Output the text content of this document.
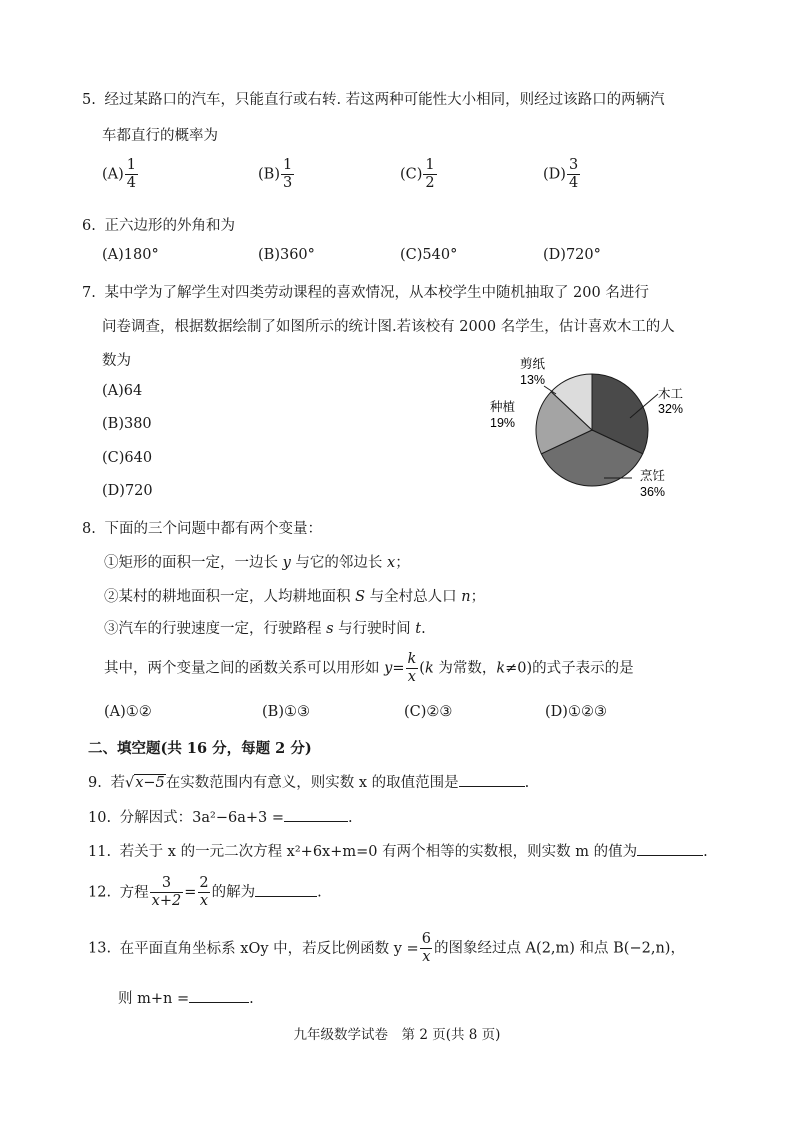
5. 经过某路口的汽车，只能直行或右转. 若这两种可能性大小相同，则经过该路口的两辆汽
车都直行的概率为
$(A) \frac{1}{4}$	$(B) \frac{1}{3}$	$(C) \frac{1}{2}$	$(D) \frac{3}{4}$
6. 正六边形的外角和为
(A)180°	(B)360°	(C)540°	(D)720°
7. 某中学为了解学生对四类劳动课程的喜欢情况，从本校学生中随机抽取了 200 名进行
问卷调查，根据数据绘制了如图所示的统计图.若该校有 2000 名学生，估计喜欢木工的人
数为
(A)64
(B)380
(C)640
(D)720
木工
32%
烹饪
36%
种植
19%
剪纸
13%
8. 下面的三个问题中都有两个变量：
①矩形的面积一定，一边长 y 与它的邻边长 x；
②某村的耕地面积一定，人均耕地面积 S 与全村总人口 n；
③汽车的行驶速度一定，行驶路程 s 与行驶时间 t.
其中，两个变量之间的函数关系可以用形如 $y= \frac{k}{x} (k$ 为常数，k≠0)的式子表示的是
(A)①②	(B)①③	(C)②③	(D)①②③
二、填空题(共 16 分，每题 2 分)
9. 若√x−5在实数范围内有意义，则实数 x 的取值范围是	.
10. 分解因式：3a²−6a+3 =	.
11. 若关于 x 的一元二次方程 x²+6x+m=0 有两个相等的实数根，则实数 m 的值为	.
12. 方程 $\frac{3}{x+2} = \frac{2}{x}$ 的解为	.
13. 在平面直角坐标系 xOy 中，若反比例函数 $y = \frac{6}{x}$ 的图象经过点 A(2,m) 和点 B(−2,n)，
则 m+n =	.
九年级数学试卷　第 2 页(共 8 页)
